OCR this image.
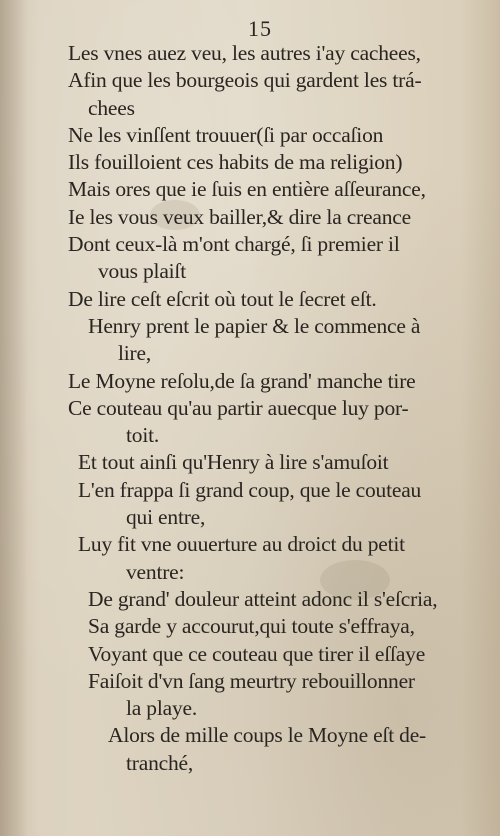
15
Les vnes auez veu, les autres i'ay cachees,
Afin que les bourgeois qui gardent les trá-
chees
Ne les vinſſent trouuer(ſi par occaſion
Ils fouilloient ces habits de ma religion)
Mais ores que ie ſuis en entière aſſeurance,
Ie les vous veux bailler,& dire la creance
Dont ceux-là m'ont chargé, ſi premier il
vous plaiſt
De lire ceſt eſcrit où tout le ſecret eſt.
Henry prent le papier & le commence à
lire,
Le Moyne reſolu,de ſa grand' manche tire
Ce couteau qu'au partir auecque luy por-
toit.
Et tout ainſi qu'Henry à lire s'amuſoit
L'en frappa ſi grand coup, que le couteau
qui entre,
Luy fit vne ouuerture au droict du petit
ventre:
De grand' douleur atteint adonc il s'eſcria,
Sa garde y accourut,qui toute s'effraya,
Voyant que ce couteau que tirer il eſſaye
Faiſoit d'vn ſang meurtry rebouillonner
la playe.
Alors de mille coups le Moyne eſt de-
tranché,
